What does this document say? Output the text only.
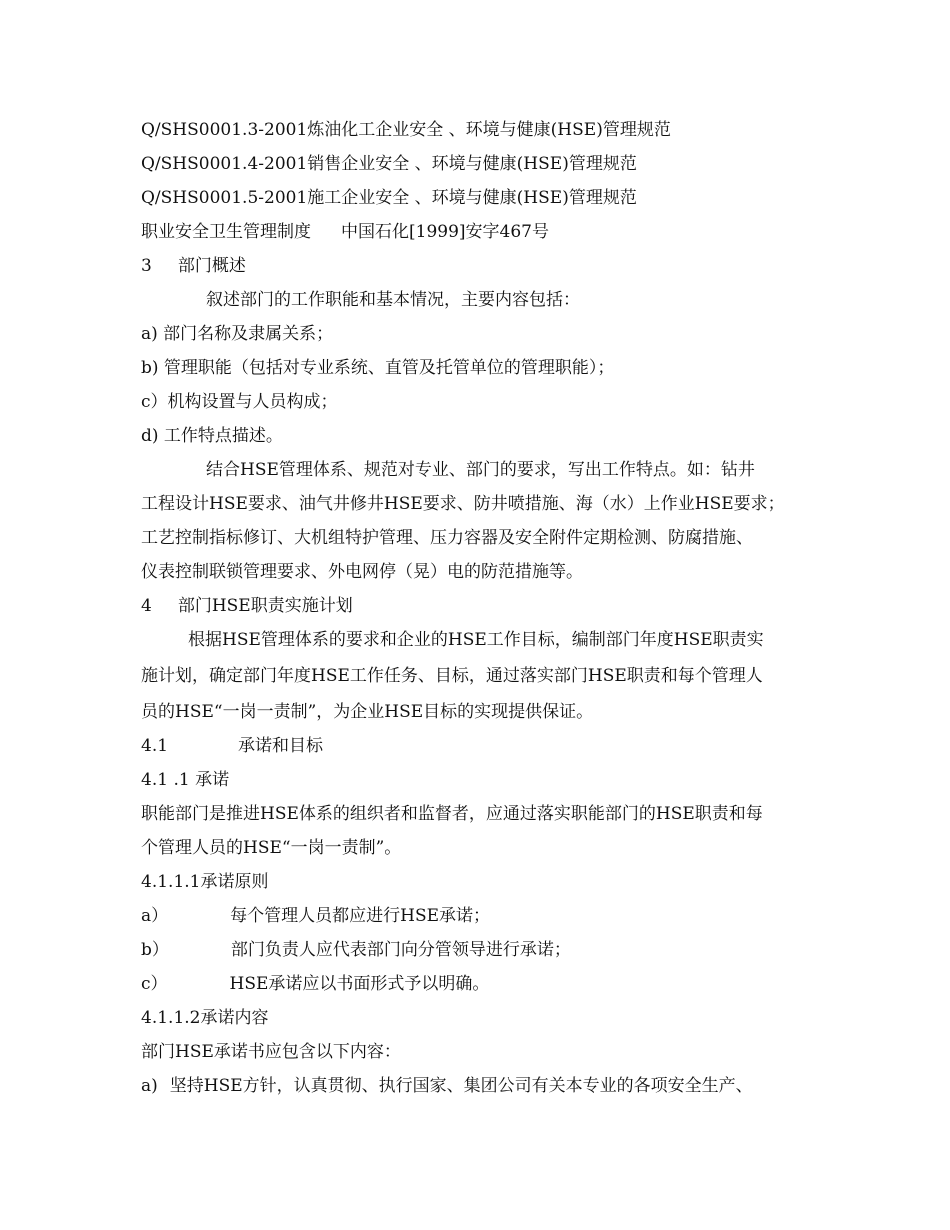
Q/SHS0001.3-2001炼油化工企业安全 、环境与健康(HSE)管理规范
Q/SHS0001.4-2001销售企业安全 、环境与健康(HSE)管理规范
Q/SHS0001.5-2001施工企业安全 、环境与健康(HSE)管理规范
职业安全卫生管理制度 中国石化[1999]安字467号
3 部门概述
叙述部门的工作职能和基本情况，主要内容包括：
a) 部门名称及隶属关系；
b) 管理职能（包括对专业系统、直管及托管单位的管理职能）；
c）机构设置与人员构成；
d) 工作特点描述。
结合HSE管理体系、规范对专业、部门的要求，写出工作特点。如：钻井
工程设计HSE要求、油气井修井HSE要求、防井喷措施、海（水）上作业HSE要求；
工艺控制指标修订、大机组特护管理、压力容器及安全附件定期检测、防腐措施、
仪表控制联锁管理要求、外电网停（晃）电的防范措施等。
4 部门HSE职责实施计划
根据HSE管理体系的要求和企业的HSE工作目标，编制部门年度HSE职责实
施计划，确定部门年度HSE工作任务、目标，通过落实部门HSE职责和每个管理人
员的HSE“一岗一责制”，为企业HSE目标的实现提供保证。
4.1	承诺和目标
4.1 .1 承诺
职能部门是推进HSE体系的组织者和监督者，应通过落实职能部门的HSE职责和每
个管理人员的HSE“一岗一责制”。
4.1.1.1承诺原则
a）	每个管理人员都应进行HSE承诺；
b）	部门负责人应代表部门向分管领导进行承诺；
c）	HSE承诺应以书面形式予以明确。
4.1.1.2承诺内容
部门HSE承诺书应包含以下内容：
a) 坚持HSE方针，认真贯彻、执行国家、集团公司有关本专业的各项安全生产、
